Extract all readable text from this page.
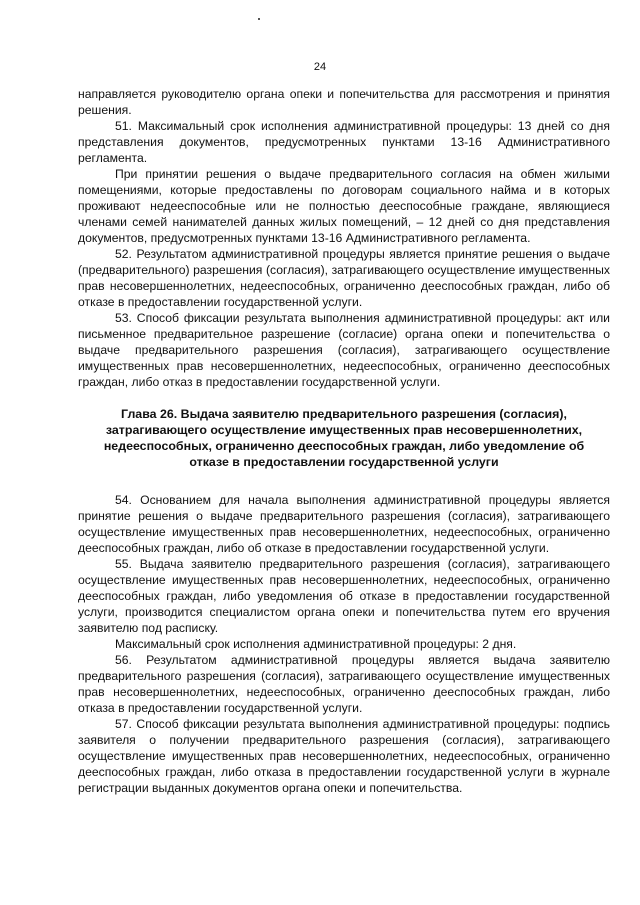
24

направляется руководителю органа опеки и попечительства для рассмотрения и принятия решения.

51. Максимальный срок исполнения административной процедуры: 13 дней со дня представления документов, предусмотренных пунктами 13-16 Административного регламента.

При принятии решения о выдаче предварительного согласия на обмен жилыми помещениями, которые предоставлены по договорам социального найма и в которых проживают недееспособные или не полностью дееспособные граждане, являющиеся членами семей нанимателей данных жилых помещений, – 12 дней со дня представления документов, предусмотренных пунктами 13-16 Административного регламента.

52. Результатом административной процедуры является принятие решения о выдаче (предварительного) разрешения (согласия), затрагивающего осуществление имущественных прав несовершеннолетних, недееспособных, ограниченно дееспособных граждан, либо об отказе в предоставлении государственной услуги.

53. Способ фиксации результата выполнения административной процедуры: акт или письменное предварительное разрешение (согласие) органа опеки и попечительства о выдаче предварительного разрешения (согласия), затрагивающего осуществление имущественных прав несовершеннолетних, недееспособных, ограниченно дееспособных граждан, либо отказ в предоставлении государственной услуги.

Глава 26. Выдача заявителю предварительного разрешения (согласия), затрагивающего осуществление имущественных прав несовершеннолетних, недееспособных, ограниченно дееспособных граждан, либо уведомление об отказе в предоставлении государственной услуги

54. Основанием для начала выполнения административной процедуры является принятие решения о выдаче предварительного разрешения (согласия), затрагивающего осуществление имущественных прав несовершеннолетних, недееспособных, ограниченно дееспособных граждан, либо об отказе в предоставлении государственной услуги.

55. Выдача заявителю предварительного разрешения (согласия), затрагивающего осуществление имущественных прав несовершеннолетних, недееспособных, ограниченно дееспособных граждан, либо уведомления об отказе в предоставлении государственной услуги, производится специалистом органа опеки и попечительства путем его вручения заявителю под расписку.

Максимальный срок исполнения административной процедуры: 2 дня.

56. Результатом административной процедуры является выдача заявителю предварительного разрешения (согласия), затрагивающего осуществление имущественных прав несовершеннолетних, недееспособных, ограниченно дееспособных граждан, либо отказа в предоставлении государственной услуги.

57. Способ фиксации результата выполнения административной процедуры: подпись заявителя о получении предварительного разрешения (согласия), затрагивающего осуществление имущественных прав несовершеннолетних, недееспособных, ограниченно дееспособных граждан, либо отказа в предоставлении государственной услуги в журнале регистрации выданных документов органа опеки и попечительства.
